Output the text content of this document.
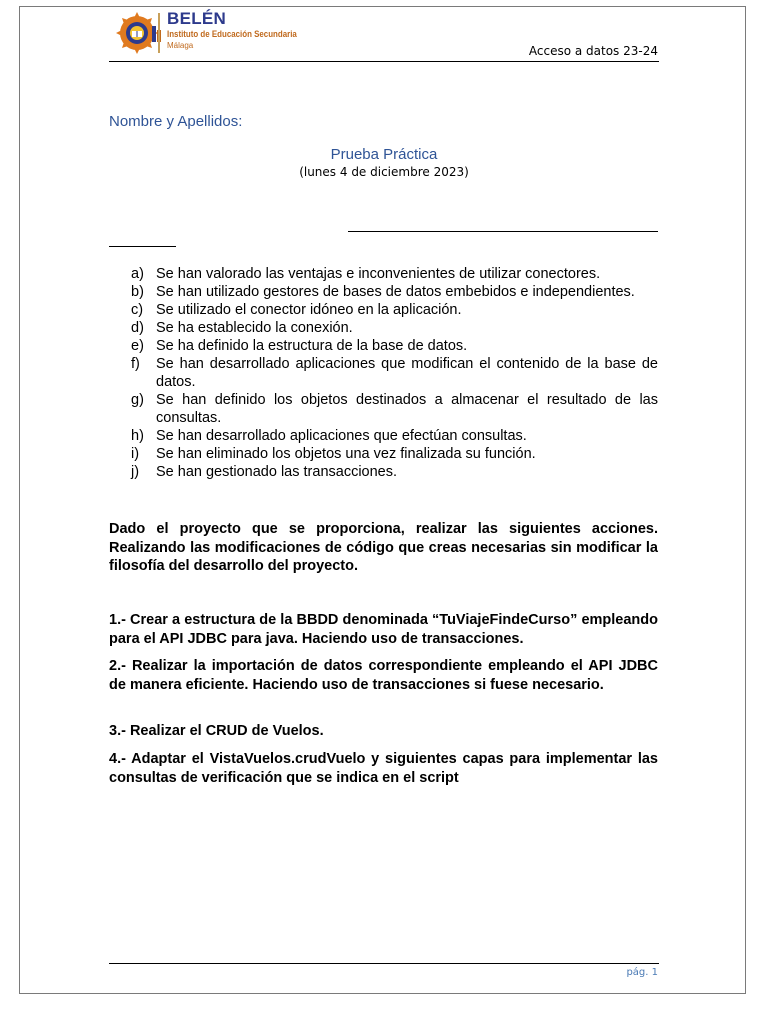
BELÉN
Instituto de Educación Secundaria
Málaga	Acceso a datos 23-24
Nombre y Apellidos:
Prueba Práctica
(lunes 4 de diciembre 2023)
a) Se han valorado las ventajas e inconvenientes de utilizar conectores.
b) Se han utilizado gestores de bases de datos embebidos e independientes.
c) Se utilizado el conector idóneo en la aplicación.
d) Se ha establecido la conexión.
e) Se ha definido la estructura de la base de datos.
f) Se han desarrollado aplicaciones que modifican el contenido de la base de datos.
g) Se han definido los objetos destinados a almacenar el resultado de las consultas.
h) Se han desarrollado aplicaciones que efectúan consultas.
i) Se han eliminado los objetos una vez finalizada su función.
j) Se han gestionado las transacciones.
Dado el proyecto que se proporciona, realizar las siguientes acciones. Realizando las modificaciones de código que creas necesarias sin modificar la filosofía del desarrollo del proyecto.
1.- Crear a estructura de la BBDD denominada “TuViajeFindeCurso” empleando para el API JDBC para java. Haciendo uso de transacciones.
2.- Realizar la importación de datos correspondiente empleando el API JDBC de manera eficiente. Haciendo uso de transacciones si fuese necesario.
3.- Realizar el CRUD de Vuelos.
4.- Adaptar el VistaVuelos.crudVuelo y siguientes capas para implementar las consultas de verificación que se indica en el script
pág. 1
